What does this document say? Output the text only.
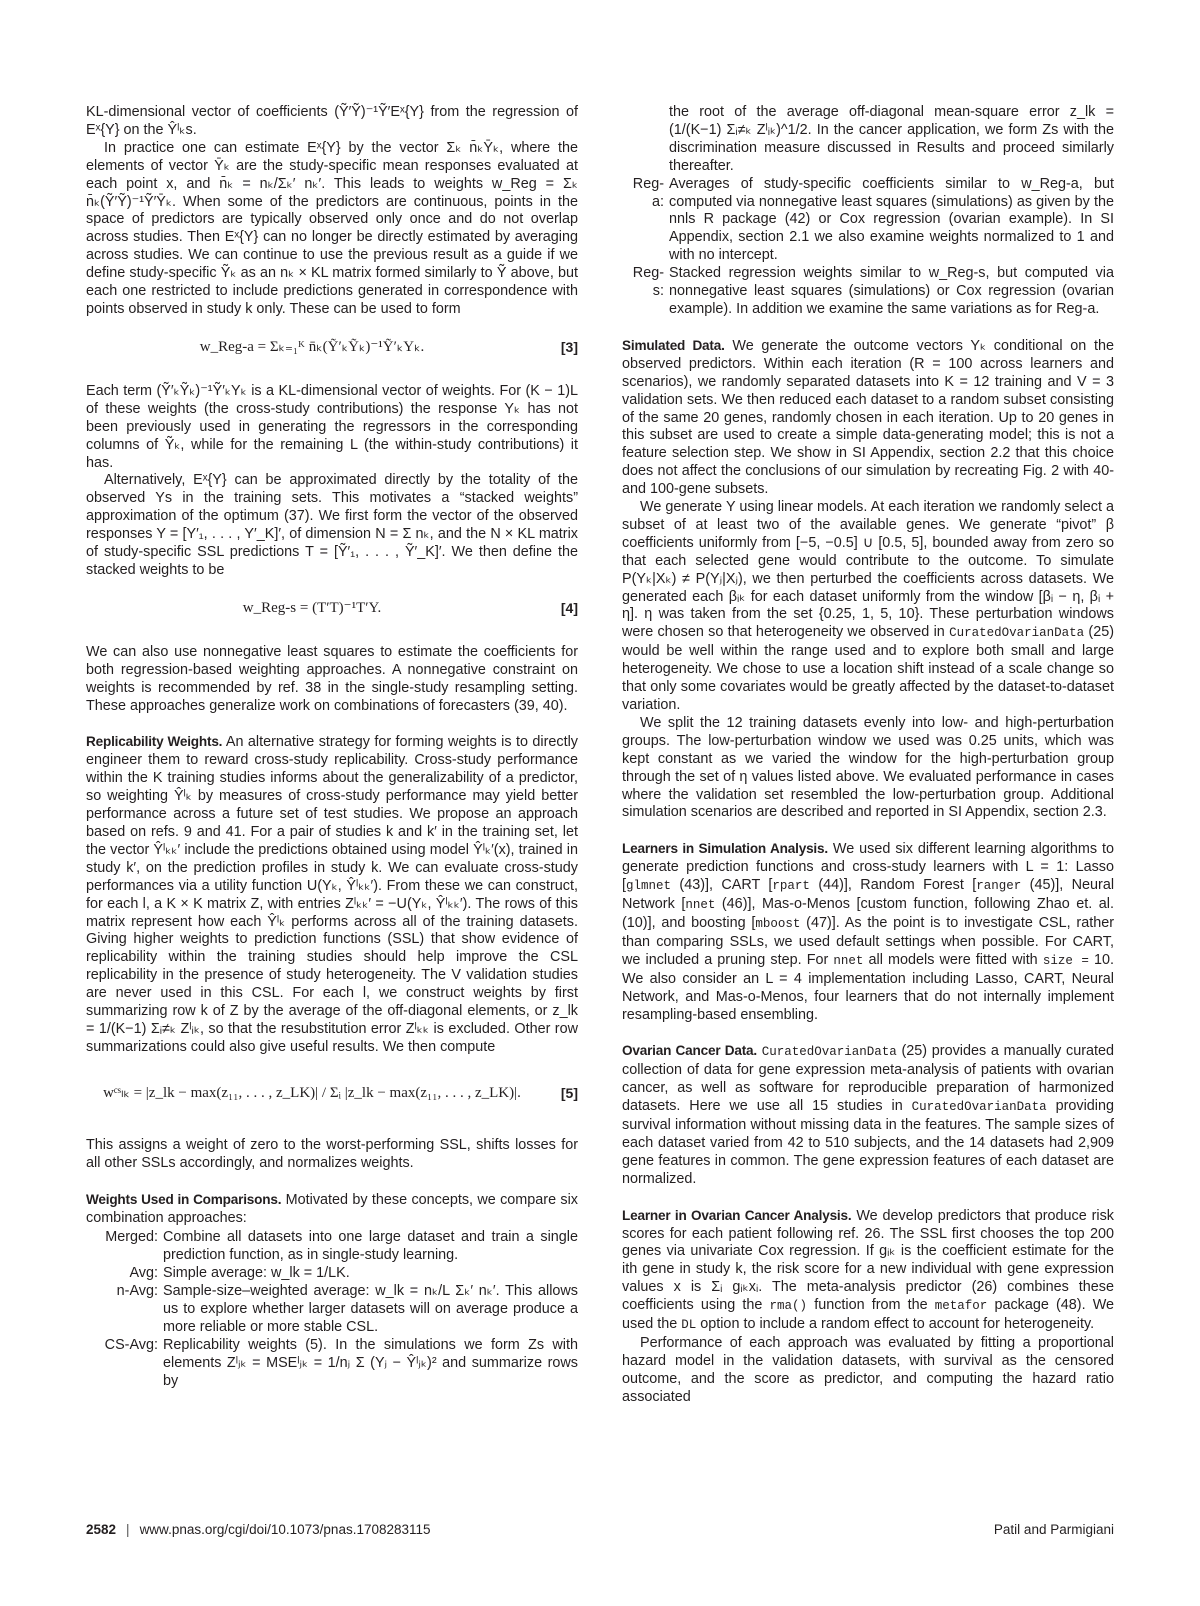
KL-dimensional vector of coefficients (Ỹ′Ỹ)⁻¹Ỹ′Eˣ{Y} from the regression of Eˣ{Y} on the Ŷˡₖs.

In practice one can estimate Eˣ{Y} by the vector Σₖ n̄ₖȲₖ, where the elements of vector Ȳₖ are the study-specific mean responses evaluated at each point x, and n̄ₖ = nₖ/Σₖ′ nₖ′. This leads to weights w_Reg = Σₖ n̄ₖ(Ỹ′Ỹ)⁻¹Ỹ′Ȳₖ. When some of the predictors are continuous, points in the space of predictors are typically observed only once and do not overlap across studies. Then Eˣ{Y} can no longer be directly estimated by averaging across studies. We can continue to use the previous result as a guide if we define study-specific Ỹₖ as an nₖ × KL matrix formed similarly to Ỹ above, but each one restricted to include predictions generated in correspondence with points observed in study k only. These can be used to form

w_Reg-a = Σₖ₌₁ᴷ n̄ₖ(Ỹ′ₖỸₖ)⁻¹Ỹ′ₖYₖ.	[3]

Each term (Ỹ′ₖỸₖ)⁻¹Ỹ′ₖYₖ is a KL-dimensional vector of weights. For (K − 1)L of these weights (the cross-study contributions) the response Yₖ has not been previously used in generating the regressors in the corresponding columns of Ỹₖ, while for the remaining L (the within-study contributions) it has.

Alternatively, Eˣ{Y} can be approximated directly by the totality of the observed Ys in the training sets. This motivates a “stacked weights” approximation of the optimum (37). We first form the vector of the observed responses Y = [Y′₁, . . . , Y′_K]′, of dimension N = Σ nₖ, and the N × KL matrix of study-specific SSL predictions T = [Ỹ′₁, . . . , Ỹ′_K]′. We then define the stacked weights to be

w_Reg-s = (T′T)⁻¹T′Y.	[4]

We can also use nonnegative least squares to estimate the coefficients for both regression-based weighting approaches. A nonnegative constraint on weights is recommended by ref. 38 in the single-study resampling setting. These approaches generalize work on combinations of forecasters (39, 40).

Replicability Weights. An alternative strategy for forming weights is to directly engineer them to reward cross-study replicability. Cross-study performance within the K training studies informs about the generalizability of a predictor, so weighting Ŷˡₖ by measures of cross-study performance may yield better performance across a future set of test studies. We propose an approach based on refs. 9 and 41. For a pair of studies k and k′ in the training set, let the vector Ŷˡₖₖ′ include the predictions obtained using model Ŷˡₖ′(x), trained in study k′, on the prediction profiles in study k. We can evaluate cross-study performances via a utility function U(Yₖ, Ŷˡₖₖ′). From these we can construct, for each l, a K × K matrix Z, with entries Zˡₖₖ′ = −U(Yₖ, Ŷˡₖₖ′). The rows of this matrix represent how each Ŷˡₖ performs across all of the training datasets. Giving higher weights to prediction functions (SSL) that show evidence of replicability within the training studies should help improve the CSL replicability in the presence of study heterogeneity. The V validation studies are never used in this CSL. For each l, we construct weights by first summarizing row k of Z by the average of the off-diagonal elements, or z_lk = 1/(K−1) Σᵢ≠ₖ Zˡᵢₖ, so that the resubstitution error Zˡₖₖ is excluded. Other row summarizations could also give useful results. We then compute

wᶜˢₗₖ = |z_lk − max(z₁₁, . . . , z_LK)| / Σᵢ |z_lk − max(z₁₁, . . . , z_LK)|.	[5]

This assigns a weight of zero to the worst-performing SSL, shifts losses for all other SSLs accordingly, and normalizes weights.

Weights Used in Comparisons. Motivated by these concepts, we compare six combination approaches:

Merged: Combine all datasets into one large dataset and train a single prediction function, as in single-study learning.
Avg: Simple average: w_lk = 1/LK.
n-Avg: Sample-size–weighted average: w_lk = nₖ/L Σₖ′ nₖ′. This allows us to explore whether larger datasets will on average produce a more reliable or more stable CSL.
CS-Avg: Replicability weights (5). In the simulations we form Zs with elements Zˡⱼₖ = MSEˡⱼₖ = 1/nⱼ Σ (Yⱼ − Ŷˡⱼₖ)² and summarize rows by
the root of the average off-diagonal mean-square error z_lk = (1/(K−1) Σᵢ≠ₖ Zˡᵢₖ)^1/2. In the cancer application, we form Zs with the discrimination measure discussed in Results and proceed similarly thereafter.
Reg-a:
Averages of study-specific coefficients similar to w_Reg-a, but computed via nonnegative least squares (simulations) as given by the nnls R package (42) or Cox regression (ovarian example). In SI Appendix, section 2.1 we also examine weights normalized to 1 and with no intercept.
Reg-s:
Stacked regression weights similar to w_Reg-s, but computed via nonnegative least squares (simulations) or Cox regression (ovarian example). In addition we examine the same variations as for Reg-a.

Simulated Data. We generate the outcome vectors Yₖ conditional on the observed predictors. Within each iteration (R = 100 across learners and scenarios), we randomly separated datasets into K = 12 training and V = 3 validation sets. We then reduced each dataset to a random subset consisting of the same 20 genes, randomly chosen in each iteration. Up to 20 genes in this subset are used to create a simple data-generating model; this is not a feature selection step. We show in SI Appendix, section 2.2 that this choice does not affect the conclusions of our simulation by recreating Fig. 2 with 40- and 100-gene subsets.

We generate Y using linear models. At each iteration we randomly select a subset of at least two of the available genes. We generate “pivot” β coefficients uniformly from [−5, −0.5] ∪ [0.5, 5], bounded away from zero so that each selected gene would contribute to the outcome. To simulate P(Yₖ|Xₖ) ≠ P(Yⱼ|Xⱼ), we then perturbed the coefficients across datasets. We generated each βᵢₖ for each dataset uniformly from the window [βᵢ − η, βᵢ + η]. η was taken from the set {0.25, 1, 5, 10}. These perturbation windows were chosen so that heterogeneity we observed in CuratedOvarianData (25) would be well within the range used and to explore both small and large heterogeneity. We chose to use a location shift instead of a scale change so that only some covariates would be greatly affected by the dataset-to-dataset variation.

We split the 12 training datasets evenly into low- and high-perturbation groups. The low-perturbation window we used was 0.25 units, which was kept constant as we varied the window for the high-perturbation group through the set of η values listed above. We evaluated performance in cases where the validation set resembled the low-perturbation group. Additional simulation scenarios are described and reported in SI Appendix, section 2.3.

Learners in Simulation Analysis. We used six different learning algorithms to generate prediction functions and cross-study learners with L = 1: Lasso [glmnet (43)], CART [rpart (44)], Random Forest [ranger (45)], Neural Network [nnet (46)], Mas-o-Menos [custom function, following Zhao et. al. (10)], and boosting [mboost (47)]. As the point is to investigate CSL, rather than comparing SSLs, we used default settings when possible. For CART, we included a pruning step. For nnet all models were fitted with size = 10. We also consider an L = 4 implementation including Lasso, CART, Neural Network, and Mas-o-Menos, four learners that do not internally implement resampling-based ensembling.

Ovarian Cancer Data. CuratedOvarianData (25) provides a manually curated collection of data for gene expression meta-analysis of patients with ovarian cancer, as well as software for reproducible preparation of harmonized datasets. Here we use all 15 studies in CuratedOvarianData providing survival information without missing data in the features. The sample sizes of each dataset varied from 42 to 510 subjects, and the 14 datasets had 2,909 gene features in common. The gene expression features of each dataset are normalized.

Learner in Ovarian Cancer Analysis. We develop predictors that produce risk scores for each patient following ref. 26. The SSL first chooses the top 200 genes via univariate Cox regression. If gᵢₖ is the coefficient estimate for the ith gene in study k, the risk score for a new individual with gene expression values x is Σᵢ gᵢₖxᵢ. The meta-analysis predictor (26) combines these coefficients using the rma() function from the metafor package (48). We used the DL option to include a random effect to account for heterogeneity.

Performance of each approach was evaluated by fitting a proportional hazard model in the validation datasets, with survival as the censored outcome, and the score as predictor, and computing the hazard ratio associated

2582 | www.pnas.org/cgi/doi/10.1073/pnas.1708283115	Patil and Parmigiani
